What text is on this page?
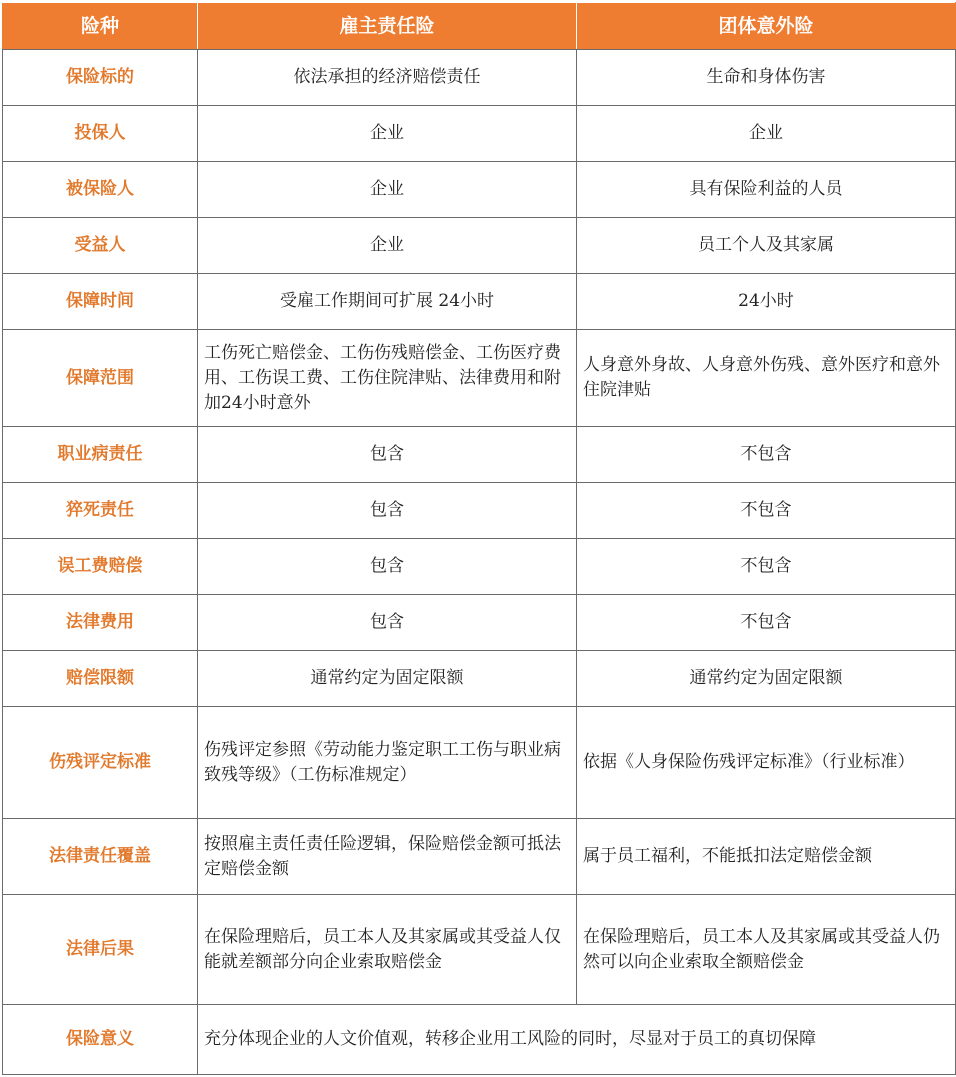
险种	雇主责任险	团体意外险
保险标的	依法承担的经济赔偿责任	生命和身体伤害
投保人	企业	企业
被保险人	企业	具有保险利益的人员
受益人	企业	员工个人及其家属
保障时间	受雇工作期间可扩展 24小时	24小时
保障范围	工伤死亡赔偿金、工伤伤残赔偿金、工伤医疗费用、工伤误工费、工伤住院津贴、法律费用和附加24小时意外	人身意外身故、人身意外伤残、意外医疗和意外住院津贴
职业病责任	包含	不包含
猝死责任	包含	不包含
误工费赔偿	包含	不包含
法律费用	包含	不包含
赔偿限额	通常约定为固定限额	通常约定为固定限额
伤残评定标准	伤残评定参照《劳动能力鉴定职工工伤与职业病致残等级》（工伤标准规定）	依据《人身保险伤残评定标准》（行业标准）
法律责任覆盖	按照雇主责任责任险逻辑，保险赔偿金额可抵法定赔偿金额	属于员工福利，不能抵扣法定赔偿金额
法律后果	在保险理赔后，员工本人及其家属或其受益人仅能就差额部分向企业索取赔偿金	在保险理赔后，员工本人及其家属或其受益人仍然可以向企业索取全额赔偿金
保险意义	充分体现企业的人文价值观，转移企业用工风险的同时，尽显对于员工的真切保障	
